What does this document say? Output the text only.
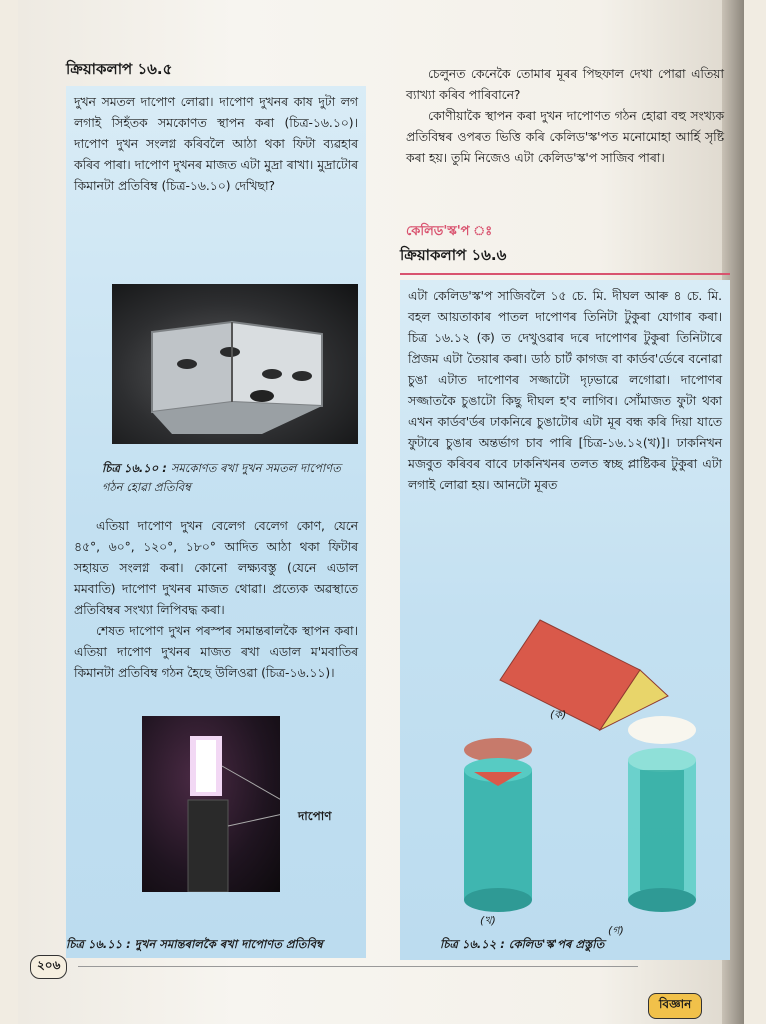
ক্ৰিয়াকলাপ ১৬.৫

দুখন সমতল দাপোণ লোৱা। দাপোণ দুখনৰ কাষ দুটা লগ লগাই সিহঁতক সমকোণত স্থাপন কৰা (চিত্ৰ-১৬.১০)। দাপোণ দুখন সংলগ্ন কৰিবলৈ আঠা থকা ফিটা ব্যৱহাৰ কৰিব পাৰা। দাপোণ দুখনৰ মাজত এটা মুদ্ৰা ৰাখা। মুদ্ৰাটোৰ কিমানটা প্ৰতিবিম্ব (চিত্ৰ-১৬.১০) দেখিছা?

চিত্ৰ ১৬.১০ : সমকোণত ৰখা দুখন সমতল দাপোণত গঠন হোৱা প্ৰতিবিম্ব

এতিয়া দাপোণ দুখন বেলেগ বেলেগ কোণ, যেনে ৪৫°, ৬০°, ১২০°, ১৮০° আদিত আঠা থকা ফিটাৰ সহায়ত সংলগ্ন কৰা। কোনো লক্ষ্যবস্তু (যেনে এডাল মমবাতি) দাপোণ দুখনৰ মাজত থোৱা। প্ৰত্যেক অৱস্থাতে প্ৰতিবিম্বৰ সংখ্যা লিপিবদ্ধ কৰা।

শেষত দাপোণ দুখন পৰস্পৰ সমান্তৰালকৈ স্থাপন কৰা। এতিয়া দাপোণ দুখনৰ মাজত ৰখা এডাল ম'মবাতিৰ কিমানটা প্ৰতিবিম্ব গঠন হৈছে উলিওৱা (চিত্ৰ-১৬.১১)।

দাপোণ

চিত্ৰ ১৬.১১ : দুখন সমান্তৰালকৈ ৰখা দাপোণত প্ৰতিবিম্ব

চেলুনত কেনেকৈ তোমাৰ মূৰৰ পিছফাল দেখা পোৱা এতিয়া ব্যাখ্যা কৰিব পাৰিবানে?

কোণীয়াকৈ স্থাপন কৰা দুখন দাপোণত গঠন হোৱা বহু সংখ্যক প্ৰতিবিম্বৰ ওপৰত ভিত্তি কৰি কেলিড'স্ক'পত মনোমোহা আৰ্হি সৃষ্টি কৰা হয়। তুমি নিজেও এটা কেলিড'স্ক'প সাজিব পাৰা।

কেলিড'স্ক'প ঃ
ক্ৰিয়াকলাপ ১৬.৬

এটা কেলিড'স্ক'প সাজিবলৈ ১৫ চে. মি. দীঘল আৰু ৪ চে. মি. বহল আয়তাকাৰ পাতল দাপোণৰ তিনিটা টুকুৰা যোগাৰ কৰা। চিত্ৰ ১৬.১২ (ক) ত দেখুওৱাৰ দৰে দাপোণৰ টুকুৰা তিনিটাৰে প্ৰিজম এটা তৈয়াৰ কৰা। ডাঠ চাৰ্ট কাগজ বা কাৰ্ডব'ৰ্ডেৰে বনোৱা চুঙা এটাত দাপোণৰ সজ্জাটো দৃঢ়ভাৱে লগোৱা। দাপোণৰ সজ্জাতকৈ চুঙাটো কিছু দীঘল হ'ব লাগিব। সোঁমাজত ফুটা থকা এখন কাৰ্ডব'ৰ্ডৰ ঢাকনিৰে চুঙাটোৰ এটা মূৰ বন্ধ কৰি দিয়া যাতে ফুটাৰে চুঙাৰ অন্তৰ্ভাগ চাব পাৰি [চিত্ৰ-১৬.১২(খ)]। ঢাকনিখন মজবুত কৰিবৰ বাবে ঢাকনিখনৰ তলত স্বচ্ছ প্লাষ্টিকৰ টুকুৰা এটা লগাই লোৱা হয়। আনটো মূৰত

(ক)
(খ)
(গ)

চিত্ৰ ১৬.১২ : কেলিড'স্ক'পৰ প্ৰস্তুতি

২০৬
বিজ্ঞান
